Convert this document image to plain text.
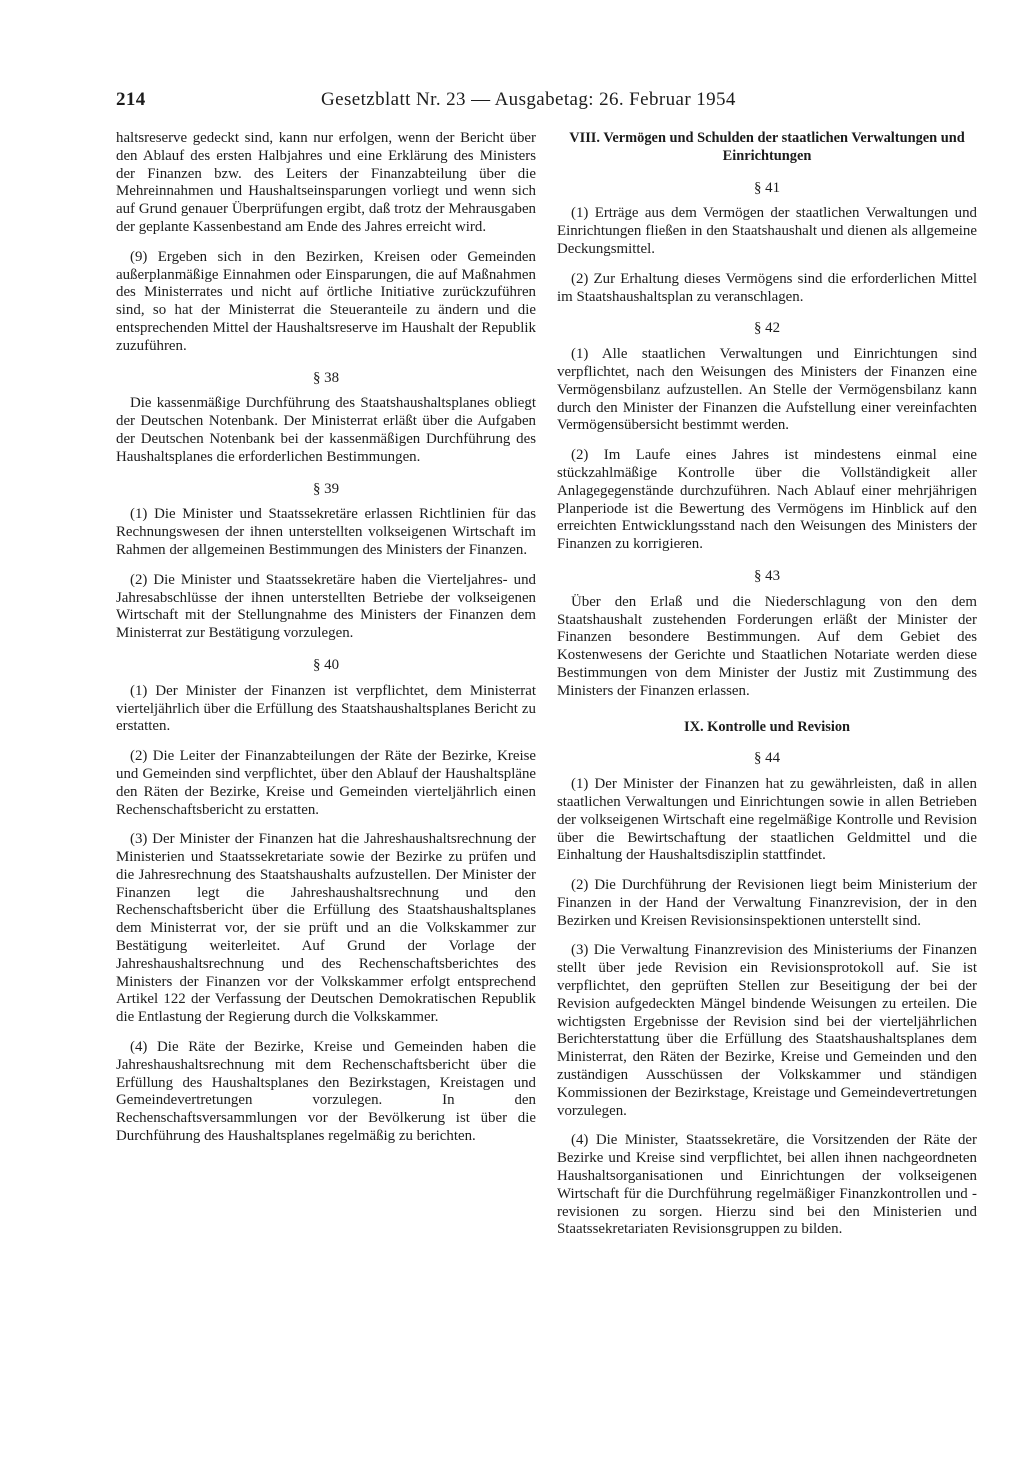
214	Gesetzblatt Nr. 23 — Ausgabetag: 26. Februar 1954

haltsreserve gedeckt sind, kann nur erfolgen, wenn der Bericht über den Ablauf des ersten Halbjahres und eine Erklärung des Ministers der Finanzen bzw. des Leiters der Finanzabteilung über die Mehreinnahmen und Haushaltseinsparungen vorliegt und wenn sich auf Grund genauer Überprüfungen ergibt, daß trotz der Mehrausgaben der geplante Kassenbestand am Ende des Jahres erreicht wird.

(9) Ergeben sich in den Bezirken, Kreisen oder Gemeinden außerplanmäßige Einnahmen oder Einsparungen, die auf Maßnahmen des Ministerrates und nicht auf örtliche Initiative zurückzuführen sind, so hat der Ministerrat die Steueranteile zu ändern und die entsprechenden Mittel der Haushaltsreserve im Haushalt der Republik zuzuführen.

§ 38

Die kassenmäßige Durchführung des Staatshaushaltsplanes obliegt der Deutschen Notenbank. Der Ministerrat erläßt über die Aufgaben der Deutschen Notenbank bei der kassenmäßigen Durchführung des Haushaltsplanes die erforderlichen Bestimmungen.

§ 39

(1) Die Minister und Staatssekretäre erlassen Richtlinien für das Rechnungswesen der ihnen unterstellten volkseigenen Wirtschaft im Rahmen der allgemeinen Bestimmungen des Ministers der Finanzen.

(2) Die Minister und Staatssekretäre haben die Vierteljahres- und Jahresabschlüsse der ihnen unterstellten Betriebe der volkseigenen Wirtschaft mit der Stellungnahme des Ministers der Finanzen dem Ministerrat zur Bestätigung vorzulegen.

§ 40

(1) Der Minister der Finanzen ist verpflichtet, dem Ministerrat vierteljährlich über die Erfüllung des Staatshaushaltsplanes Bericht zu erstatten.

(2) Die Leiter der Finanzabteilungen der Räte der Bezirke, Kreise und Gemeinden sind verpflichtet, über den Ablauf der Haushaltspläne den Räten der Bezirke, Kreise und Gemeinden vierteljährlich einen Rechenschaftsbericht zu erstatten.

(3) Der Minister der Finanzen hat die Jahreshaushaltsrechnung der Ministerien und Staatssekretariate sowie der Bezirke zu prüfen und die Jahresrechnung des Staatshaushalts aufzustellen. Der Minister der Finanzen legt die Jahreshaushaltsrechnung und den Rechenschaftsbericht über die Erfüllung des Staatshaushaltsplanes dem Ministerrat vor, der sie prüft und an die Volkskammer zur Bestätigung weiterleitet. Auf Grund der Vorlage der Jahreshaushaltsrechnung und des Rechenschaftsberichtes des Ministers der Finanzen vor der Volkskammer erfolgt entsprechend Artikel 122 der Verfassung der Deutschen Demokratischen Republik die Entlastung der Regierung durch die Volkskammer.

(4) Die Räte der Bezirke, Kreise und Gemeinden haben die Jahreshaushaltsrechnung mit dem Rechenschaftsbericht über die Erfüllung des Haushaltsplanes den Bezirkstagen, Kreistagen und Gemeindevertretungen vorzulegen. In den Rechenschaftsversammlungen vor der Bevölkerung ist über die Durchführung des Haushaltsplanes regelmäßig zu berichten.

VIII. Vermögen und Schulden der staatlichen Verwaltungen und Einrichtungen
§ 41

(1) Erträge aus dem Vermögen der staatlichen Verwaltungen und Einrichtungen fließen in den Staatshaushalt und dienen als allgemeine Deckungsmittel.

(2) Zur Erhaltung dieses Vermögens sind die erforderlichen Mittel im Staatshaushaltsplan zu veranschlagen.

§ 42

(1) Alle staatlichen Verwaltungen und Einrichtungen sind verpflichtet, nach den Weisungen des Ministers der Finanzen eine Vermögensbilanz aufzustellen. An Stelle der Vermögensbilanz kann durch den Minister der Finanzen die Aufstellung einer vereinfachten Vermögensübersicht bestimmt werden.

(2) Im Laufe eines Jahres ist mindestens einmal eine stückzahlmäßige Kontrolle über die Vollständigkeit aller Anlagegegenstände durchzuführen. Nach Ablauf einer mehrjährigen Planperiode ist die Bewertung des Vermögens im Hinblick auf den erreichten Entwicklungsstand nach den Weisungen des Ministers der Finanzen zu korrigieren.

§ 43

Über den Erlaß und die Niederschlagung von den dem Staatshaushalt zustehenden Forderungen erläßt der Minister der Finanzen besondere Bestimmungen. Auf dem Gebiet des Kostenwesens der Gerichte und Staatlichen Notariate werden diese Bestimmungen von dem Minister der Justiz mit Zustimmung des Ministers der Finanzen erlassen.

IX. Kontrolle und Revision
§ 44

(1) Der Minister der Finanzen hat zu gewährleisten, daß in allen staatlichen Verwaltungen und Einrichtungen sowie in allen Betrieben der volkseigenen Wirtschaft eine regelmäßige Kontrolle und Revision über die Bewirtschaftung der staatlichen Geldmittel und die Einhaltung der Haushaltsdisziplin stattfindet.

(2) Die Durchführung der Revisionen liegt beim Ministerium der Finanzen in der Hand der Verwaltung Finanzrevision, der in den Bezirken und Kreisen Revisionsinspektionen unterstellt sind.

(3) Die Verwaltung Finanzrevision des Ministeriums der Finanzen stellt über jede Revision ein Revisionsprotokoll auf. Sie ist verpflichtet, den geprüften Stellen zur Beseitigung der bei der Revision aufgedeckten Mängel bindende Weisungen zu erteilen. Die wichtigsten Ergebnisse der Revision sind bei der vierteljährlichen Berichterstattung über die Erfüllung des Staatshaushaltsplanes dem Ministerrat, den Räten der Bezirke, Kreise und Gemeinden und den zuständigen Ausschüssen der Volkskammer und ständigen Kommissionen der Bezirkstage, Kreistage und Gemeindevertretungen vorzulegen.

(4) Die Minister, Staatssekretäre, die Vorsitzenden der Räte der Bezirke und Kreise sind verpflichtet, bei allen ihnen nachgeordneten Haushaltsorganisationen und Einrichtungen der volkseigenen Wirtschaft für die Durchführung regelmäßiger Finanzkontrollen und -revisionen zu sorgen. Hierzu sind bei den Ministerien und Staatssekretariaten Revisionsgruppen zu bilden.
